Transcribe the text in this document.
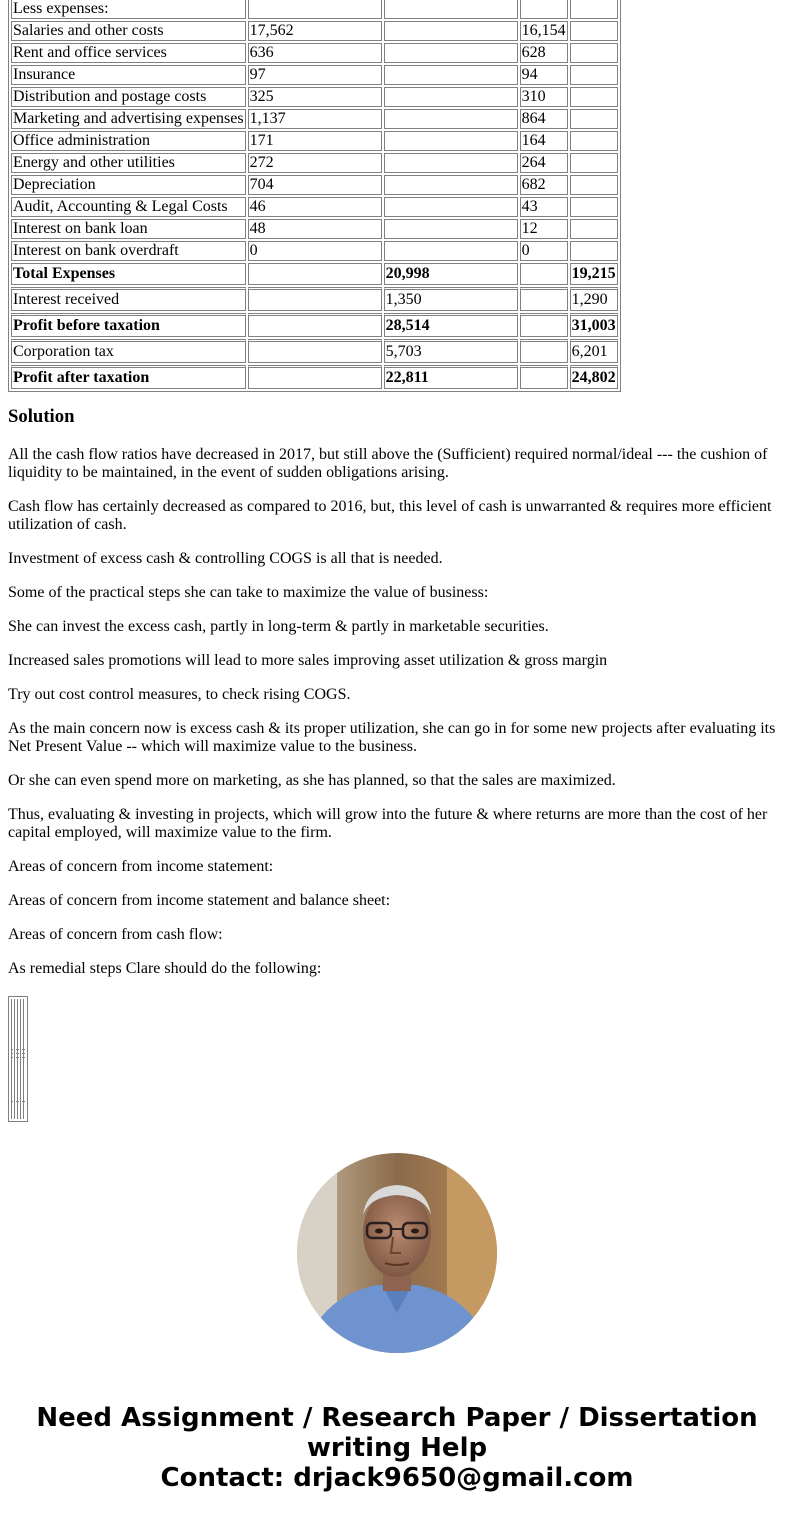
Less expenses:				
Salaries and other costs	17,562		16,154	
Rent and office services	636		628	
Insurance	97		94	
Distribution and postage costs	325		310	
Marketing and advertising expenses	1,137		864	
Office administration	171		164	
Energy and other utilities	272		264	
Depreciation	704		682	
Audit, Accounting & Legal Costs	46		43	
Interest on bank loan	48		12	
Interest on bank overdraft	0		0	
Total Expenses		20,998		19,215
Interest received		1,350		1,290
Profit before taxation		28,514		31,003
Corporation tax		5,703		6,201
Profit after taxation		22,811		24,802
Solution

All the cash flow ratios have decreased in 2017, but still above the (Sufficient) required normal/ideal --- the cushion of liquidity to be maintained, in the event of sudden obligations arising.

Cash flow has certainly decreased as compared to 2016, but, this level of cash is unwarranted & requires more efficient utilization of cash.

Investment of excess cash & controlling COGS is all that is needed.

Some of the practical steps she can take to maximize the value of business:

She can invest the excess cash, partly in long-term & partly in marketable securities.

Increased sales promotions will lead to more sales improving asset utilization & gross margin

Try out cost control measures, to check rising COGS.

As the main concern now is excess cash & its proper utilization, she can go in for some new projects after evaluating its Net Present Value -- which will maximize value to the business.

Or she can even spend more on marketing, as she has planned, so that the sales are maximized.

Thus, evaluating & investing in projects, which will grow into the future & where returns are more than the cost of her capital employed, will maximize value to the firm.

Areas of concern from income statement:

Areas of concern from income statement and balance sheet:

Areas of concern from cash flow:

As remedial steps Clare should do the following:

Need Assignment / Research Paper / Dissertation
writing Help
Contact: drjack9650@gmail.com
